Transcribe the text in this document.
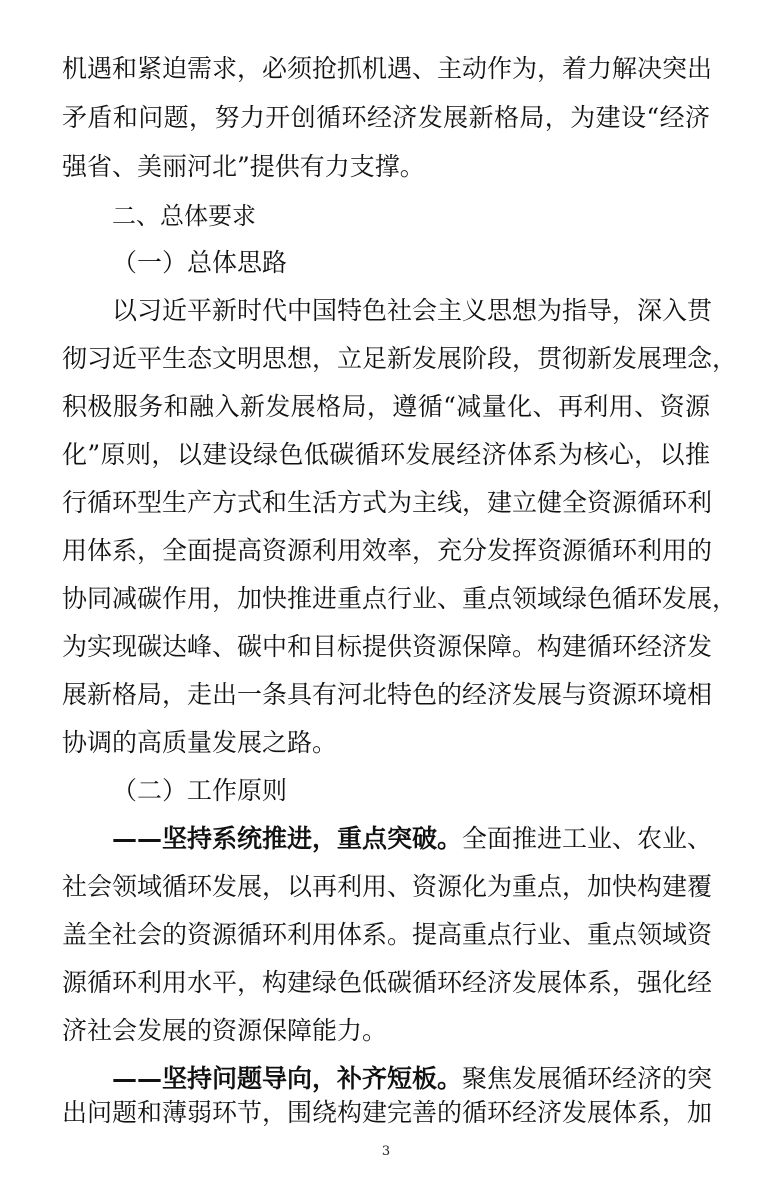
机遇和紧迫需求，必须抢抓机遇、主动作为，着力解决突出
矛盾和问题，努力开创循环经济发展新格局，为建设“经济
强省、美丽河北”提供有力支撑。
二、总体要求
（一）总体思路
以习近平新时代中国特色社会主义思想为指导，深入贯
彻习近平生态文明思想，立足新发展阶段，贯彻新发展理念，
积极服务和融入新发展格局，遵循“减量化、再利用、资源
化”原则，以建设绿色低碳循环发展经济体系为核心，以推
行循环型生产方式和生活方式为主线，建立健全资源循环利
用体系，全面提高资源利用效率，充分发挥资源循环利用的
协同减碳作用，加快推进重点行业、重点领域绿色循环发展，
为实现碳达峰、碳中和目标提供资源保障。构建循环经济发
展新格局，走出一条具有河北特色的经济发展与资源环境相
协调的高质量发展之路。
（二）工作原则
——坚持系统推进，重点突破。全面推进工业、农业、
社会领域循环发展，以再利用、资源化为重点，加快构建覆
盖全社会的资源循环利用体系。提高重点行业、重点领域资
源循环利用水平，构建绿色低碳循环经济发展体系，强化经
济社会发展的资源保障能力。
——坚持问题导向，补齐短板。聚焦发展循环经济的突
出问题和薄弱环节，围绕构建完善的循环经济发展体系，加
3
